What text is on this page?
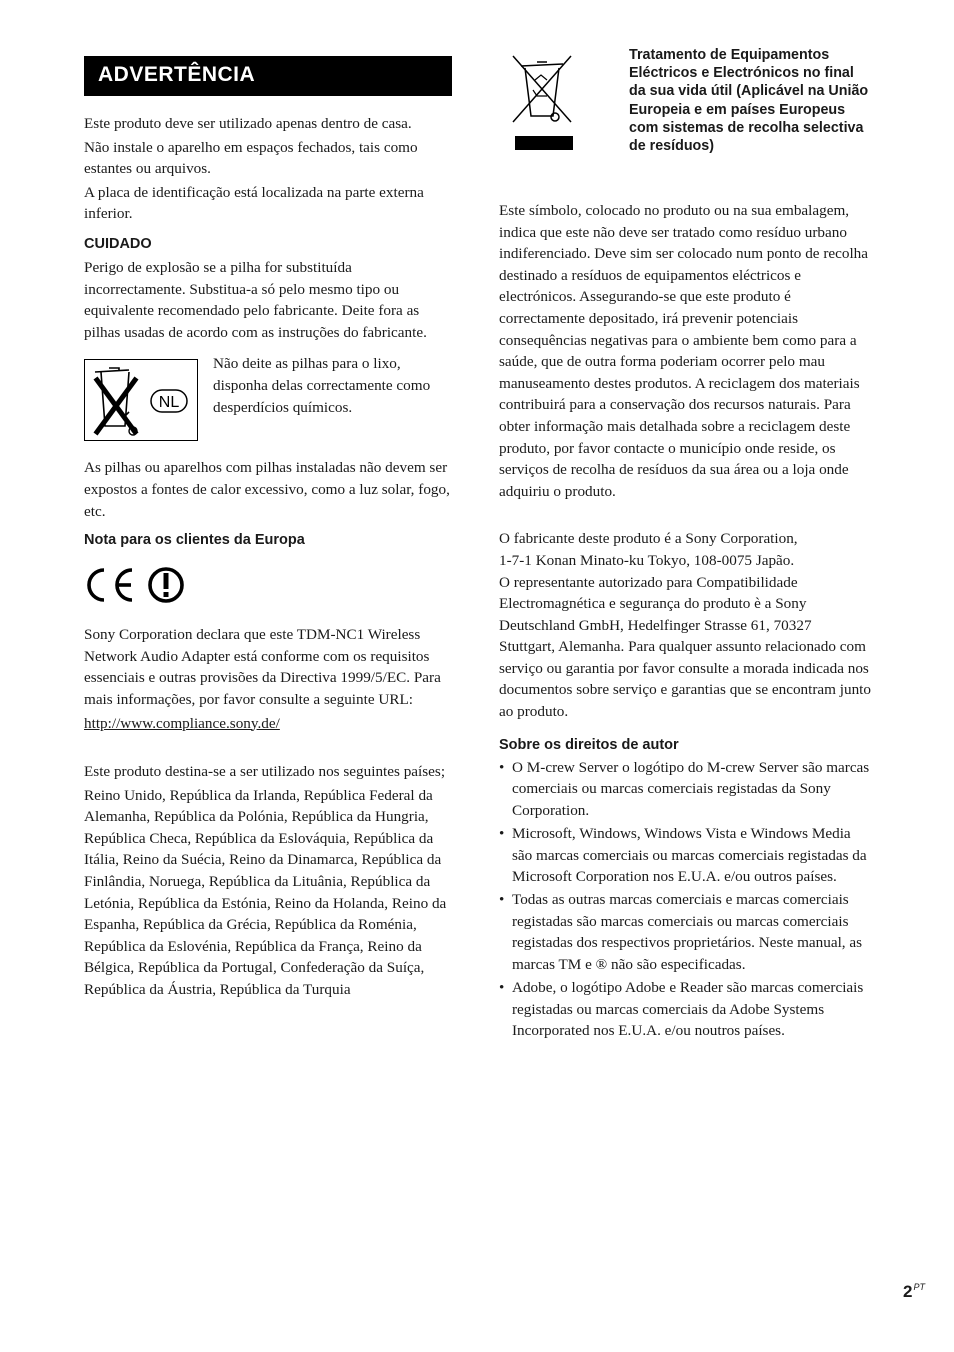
ADVERTÊNCIA

Este produto deve ser utilizado apenas dentro de casa.

Não instale o aparelho em espaços fechados, tais como estantes ou arquivos.

A placa de identificação está localizada na parte externa inferior.

CUIDADO

Perigo de explosão se a pilha for substituída incorrectamente. Substitua-a só pelo mesmo tipo ou equivalente recomendado pelo fabricante. Deite fora as pilhas usadas de acordo com as instruções do fabricante.

NL

Não deite as pilhas para o lixo, disponha delas correctamente como desperdícios químicos.

As pilhas ou aparelhos com pilhas instaladas não devem ser expostos a fontes de calor excessivo, como a luz solar, fogo, etc.

Nota para os clientes da Europa

Sony Corporation declara que este TDM-NC1 Wireless Network Audio Adapter está conforme com os requisitos essenciais e outras provisões da Directiva 1999/5/EC. Para mais informações, por favor consulte a seguinte URL:

http://www.compliance.sony.de/

Este produto destina-se a ser utilizado nos seguintes países;

Reino Unido, República da Irlanda, República Federal da Alemanha, República da Polónia, República da Hungria, República Checa, República da Eslováquia, República da Itália, Reino da Suécia, Reino da Dinamarca, República da Finlândia, Noruega, República da Lituânia, República da Letónia, República da Estónia, Reino da Holanda, Reino da Espanha, República da Grécia, República da Roménia, República da Eslovénia, República da França, Reino da Bélgica, República da Portugal, Confederação da Suíça, República da Áustria, República da Turquia

Tratamento de Equipamentos Eléctricos e Electrónicos no final da sua vida útil (Aplicável na União Europeia e em países Europeus com sistemas de recolha selectiva de resíduos)

Este símbolo, colocado no produto ou na sua embalagem, indica que este não deve ser tratado como resíduo urbano indiferenciado. Deve sim ser colocado num ponto de recolha destinado a resíduos de equipamentos eléctricos e electrónicos. Assegurando-se que este produto é correctamente depositado, irá prevenir potenciais consequências negativas para o ambiente bem como para a saúde, que de outra forma poderiam ocorrer pelo mau manuseamento destes produtos. A reciclagem dos materiais contribuirá para a conservação dos recursos naturais. Para obter informação mais detalhada sobre a reciclagem deste produto, por favor contacte o município onde reside, os serviços de recolha de resíduos da sua área ou a loja onde adquiriu o produto.

O fabricante deste produto é a Sony Corporation,

1-7-1 Konan Minato-ku Tokyo, 108-0075 Japão.

O representante autorizado para Compatibilidade Electromagnética e segurança do produto è a Sony Deutschland GmbH, Hedelfinger Strasse 61, 70327 Stuttgart, Alemanha. Para qualquer assunto relacionado com serviço ou garantia por favor consulte a morada indicada nos documentos sobre serviço e garantias que se encontram junto ao produto.

Sobre os direitos de autor
• O M-crew Server o logótipo do M-crew Server são marcas comerciais ou marcas comerciais registadas da Sony Corporation.
• Microsoft, Windows, Windows Vista e Windows Media são marcas comerciais ou marcas comerciais registadas da Microsoft Corporation nos E.U.A. e/ou outros países.
• Todas as outras marcas comerciais e marcas comerciais registadas são marcas comerciais ou marcas comerciais registadas dos respectivos proprietários. Neste manual, as marcas TM e ® não são especificadas.
• Adobe, o logótipo Adobe e Reader são marcas comerciais registadas ou marcas comerciais da Adobe Systems Incorporated nos E.U.A. e/ou noutros países.
$2^{PT}$
